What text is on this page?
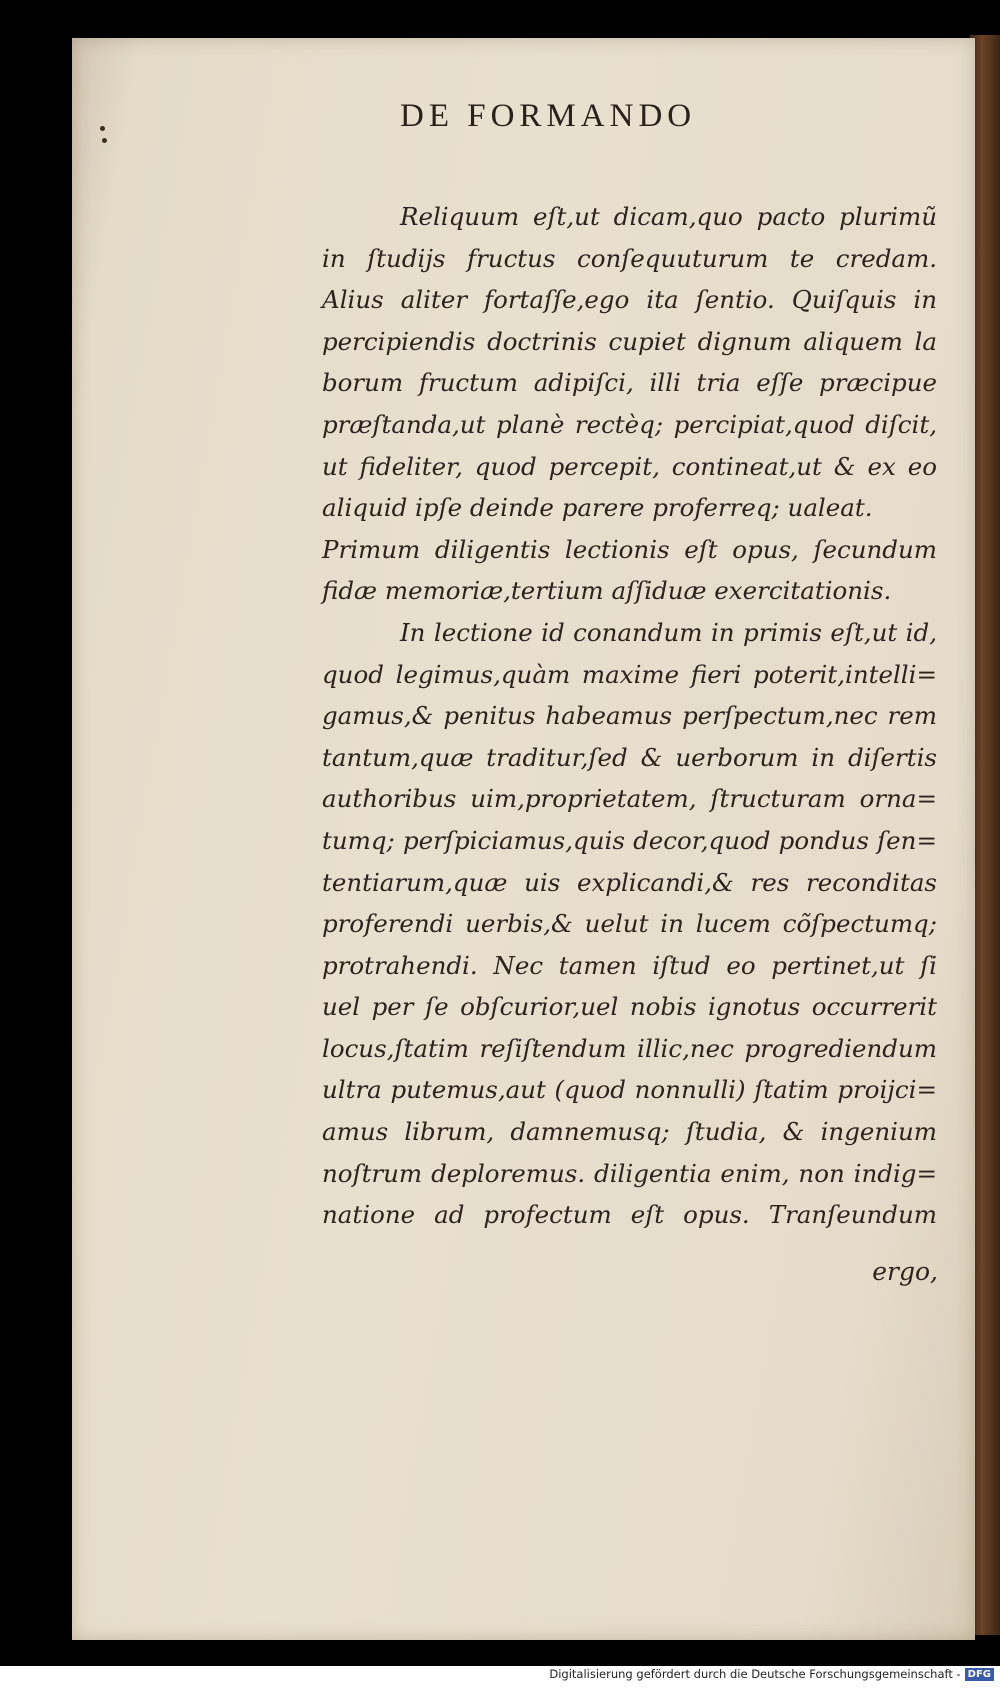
DE FORMANDO
Reliquum eſt,ut dicam,quo pacto plurimũ
in ſtudijs fructus conſequuturum te credam.
Alius aliter fortaſſe,ego ita ſentio. Quiſquis in
percipiendis doctrinis cupiet dignum aliquem la
borum fructum adipiſci, illi tria eſſe præcipue
præſtanda,ut planè rectèq; percipiat,quod diſcit,
ut fideliter, quod percepit, contineat,ut & ex eo
aliquid ipſe deinde parere proferreq; ualeat.
Primum diligentis lectionis eſt opus, ſecundum
fidæ memoriæ,tertium aſſiduæ exercitationis.
In lectione id conandum in primis eſt,ut id,
quod legimus,quàm maxime fieri poterit,intelli=
gamus,& penitus habeamus perſpectum,nec rem
tantum,quæ traditur,ſed & uerborum in diſertis
authoribus uim,proprietatem, ſtructuram orna=
tumq; perſpiciamus,quis decor,quod pondus ſen=
tentiarum,quæ uis explicandi,& res reconditas
proferendi uerbis,& uelut in lucem cõſpectumq;
protrahendi. Nec tamen iſtud eo pertinet,ut ſi
uel per ſe obſcurior,uel nobis ignotus occurrerit
locus,ſtatim reſiſtendum illic,nec progrediendum
ultra putemus,aut (quod nonnulli) ſtatim proijci=
amus librum, damnemusq; ſtudia, & ingenium
noſtrum deploremus. diligentia enim, non indig=
natione ad profectum eſt opus. Tranſeundum
ergo,
Digitalisierung gefördert durch die Deutsche Forschungsgemeinschaft - DFG
